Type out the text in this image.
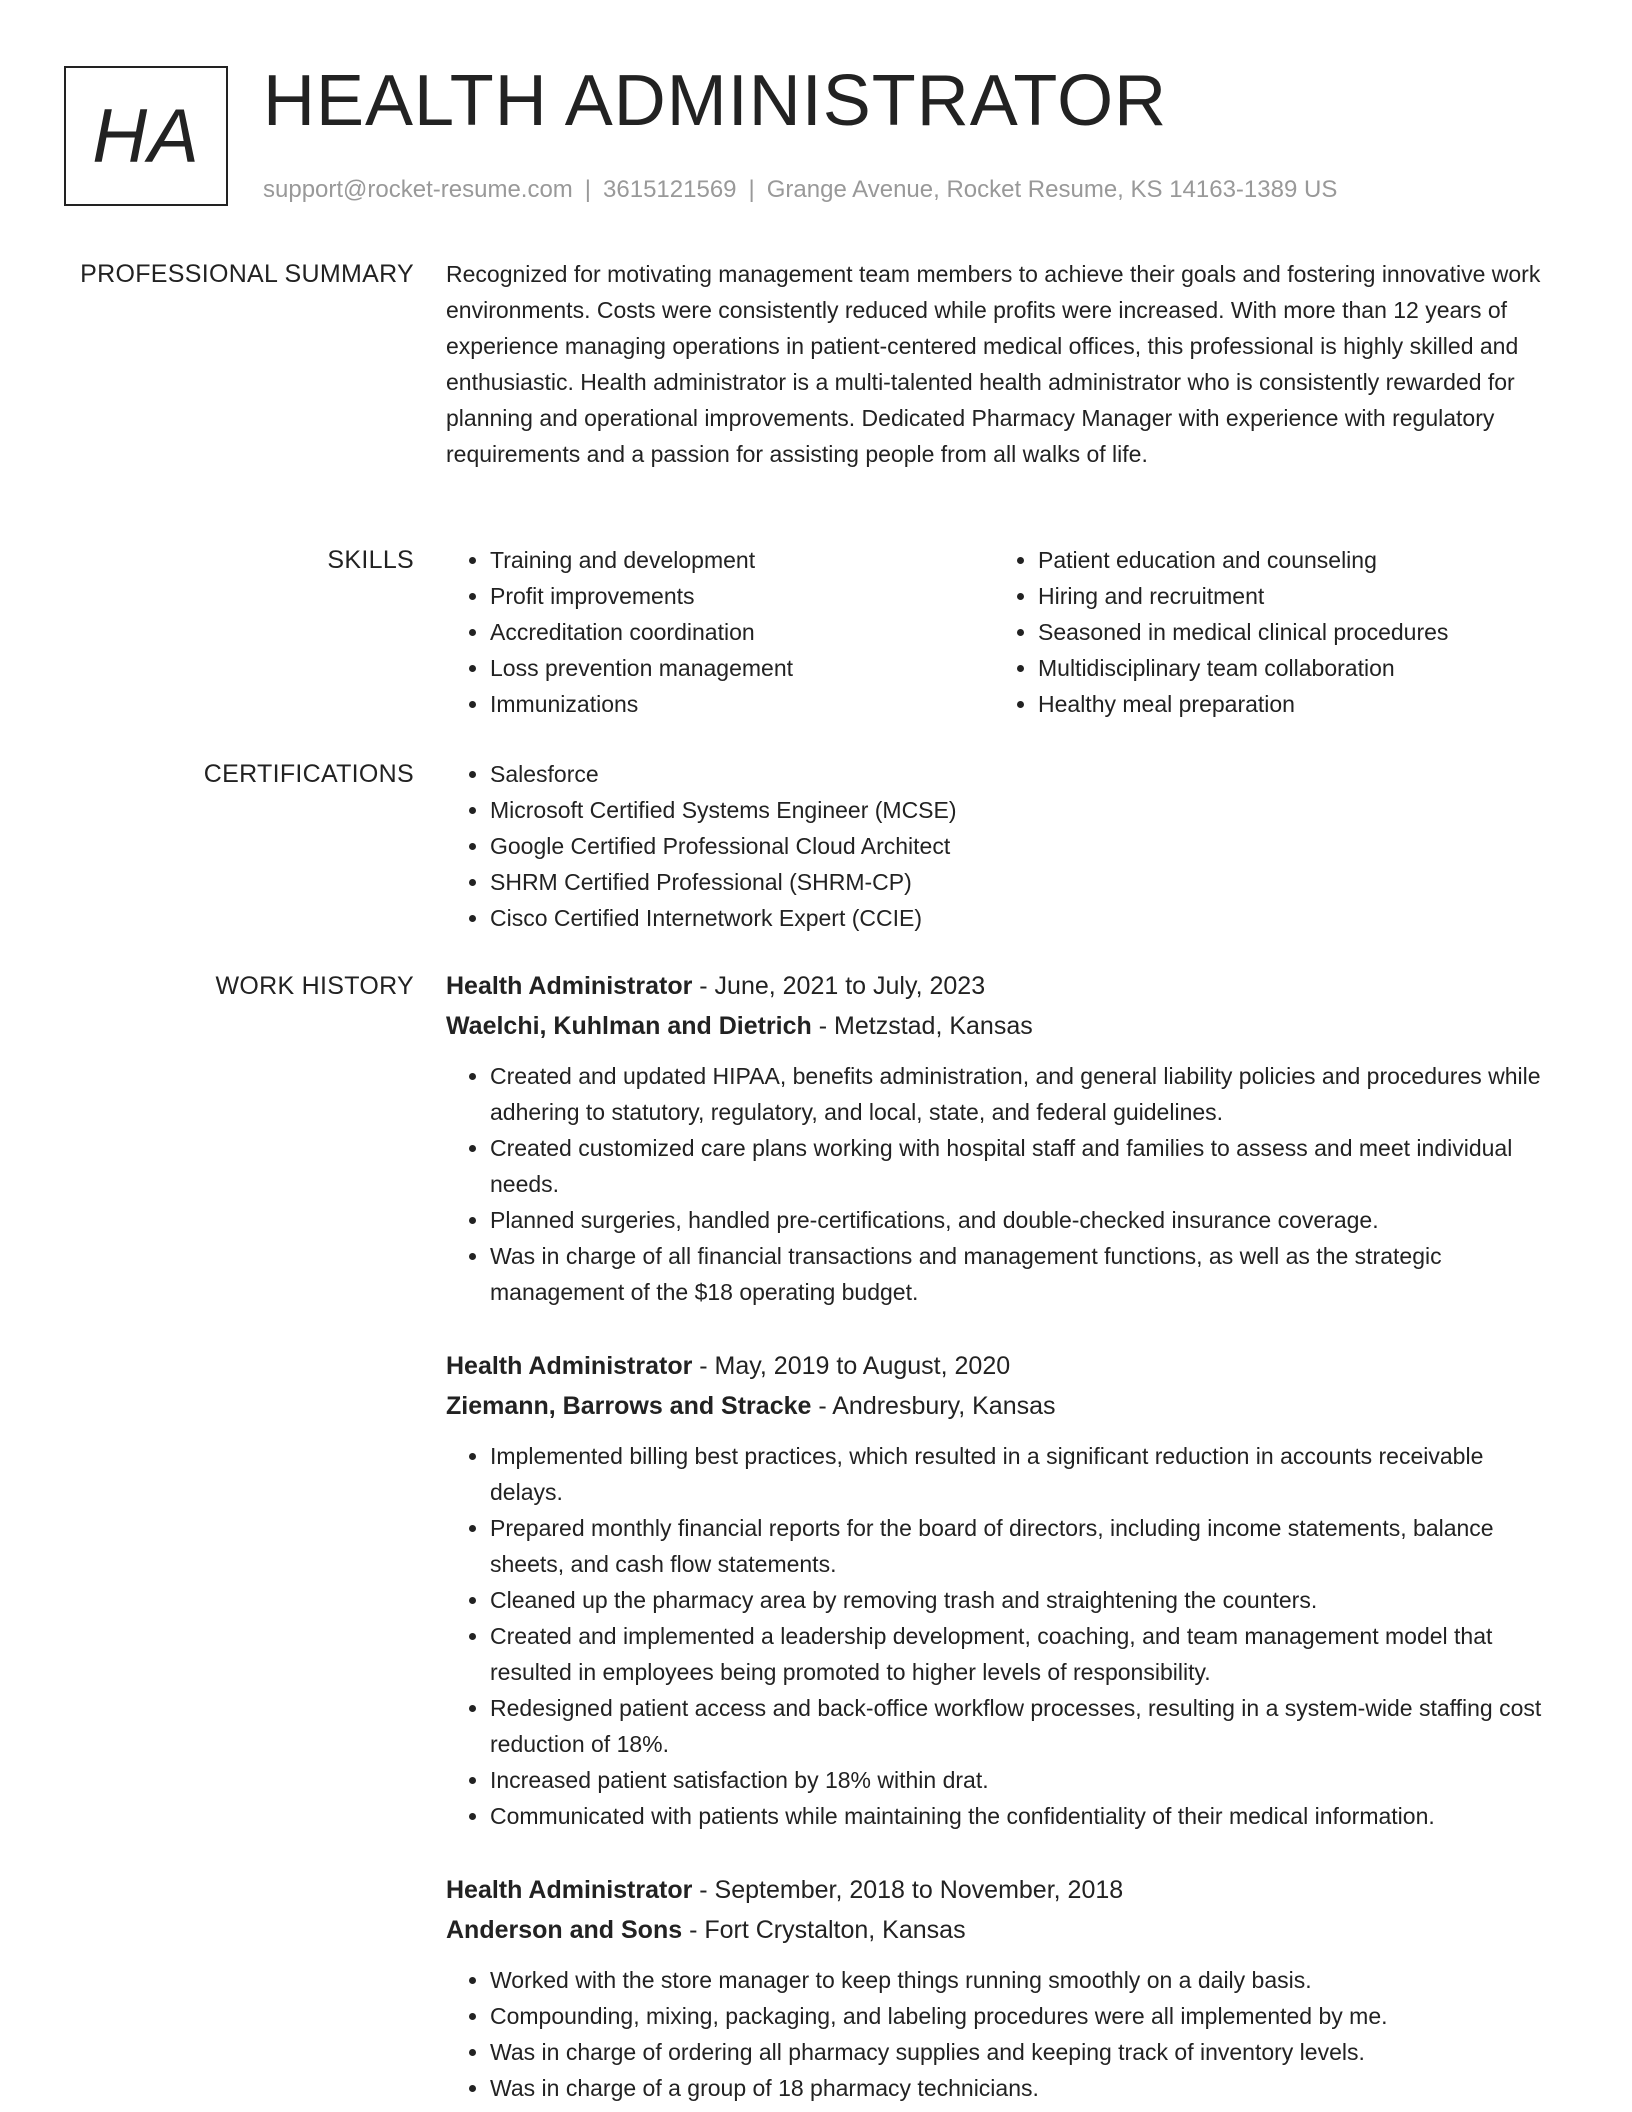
HA HEALTH ADMINISTRATOR
support@rocket-resume.com | 3615121569 | Grange Avenue, Rocket Resume, KS 14163-1389 US
PROFESSIONAL SUMMARY Recognized for motivating management team members to achieve their goals and fostering innovative work environments. Costs were consistently reduced while profits were increased. With more than 12 years of experience managing operations in patient-centered medical offices, this professional is highly skilled and enthusiastic. Health administrator is a multi-talented health administrator who is consistently rewarded for planning and operational improvements. Dedicated Pharmacy Manager with experience with regulatory requirements and a passion for assisting people from all walks of life.

SKILLS	• Training and development
• Profit improvements
• Accreditation coordination
• Loss prevention management
• Immunizations
• Patient education and counseling
• Hiring and recruitment
• Seasoned in medical clinical procedures
• Multidisciplinary team collaboration
• Healthy meal preparation
CERTIFICATIONS	• Salesforce
• Microsoft Certified Systems Engineer (MCSE)
• Google Certified Professional Cloud Architect
• SHRM Certified Professional (SHRM-CP)
• Cisco Certified Internetwork Expert (CCIE)
WORK HISTORY Health Administrator - June, 2021 to July, 2023
Waelchi, Kuhlman and Dietrich - Metzstad, Kansas
• Created and updated HIPAA, benefits administration, and general liability policies and procedures while adhering to statutory, regulatory, and local, state, and federal guidelines.
• Created customized care plans working with hospital staff and families to assess and meet individual needs.
• Planned surgeries, handled pre-certifications, and double-checked insurance coverage.
• Was in charge of all financial transactions and management functions, as well as the strategic management of the $18 operating budget.
Health Administrator - May, 2019 to August, 2020
Ziemann, Barrows and Stracke - Andresbury, Kansas
• Implemented billing best practices, which resulted in a significant reduction in accounts receivable delays.
• Prepared monthly financial reports for the board of directors, including income statements, balance sheets, and cash flow statements.
• Cleaned up the pharmacy area by removing trash and straightening the counters.
• Created and implemented a leadership development, coaching, and team management model that resulted in employees being promoted to higher levels of responsibility.
• Redesigned patient access and back-office workflow processes, resulting in a system-wide staffing cost reduction of 18%.
• Increased patient satisfaction by 18% within drat.
• Communicated with patients while maintaining the confidentiality of their medical information.
Health Administrator - September, 2018 to November, 2018
Anderson and Sons - Fort Crystalton, Kansas
• Worked with the store manager to keep things running smoothly on a daily basis.
• Compounding, mixing, packaging, and labeling procedures were all implemented by me.
• Was in charge of ordering all pharmacy supplies and keeping track of inventory levels.
• Was in charge of a group of 18 pharmacy technicians.
